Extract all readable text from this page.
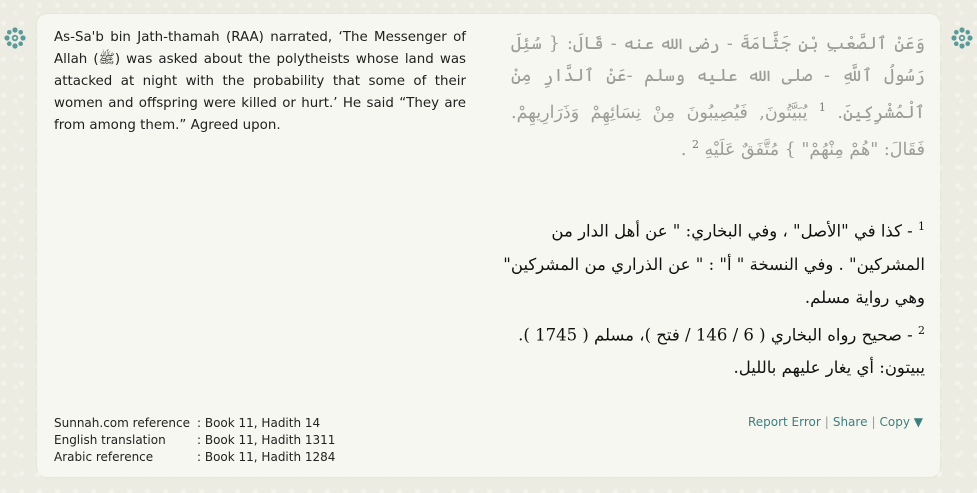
As-Sa'b bin Jath-thamah (RAA) narrated, ‘The Messenger of Allah (ﷺ) was asked about the polytheists whose land was attacked at night with the probability that some of their women and offspring were killed or hurt.’ He said “They are from among them.” Agreed upon.
وَعَنْ ٱلصَّعْبِ بْنِ جَثَّامَةَ - رضى الله عنه - قَالَ: { سُئِلَ رَسُولُ ٱللَّهِ - صلى الله عليه وسلم -عَنْ ٱلدَّارِ مِنْ ٱلْمُشْرِكِينَ. $^1$ يُبَيَّتُونَ, فَيُصِيبُونَ مِنْ نِسَائِهِمْ وَذَرَارِيهِمْ. فَقَالَ: "هُمْ مِنْهُمْ" } مُتَّفَقٌ عَلَيْهِ $^2$ .
$^1$ - كذا في "الأصل" ، وفي البخاري: " عن أهل الدار من المشركين" . وفي النسخة " أ" : " عن الذراري من المشركين" وهي رواية مسلم.
$^2$ - صحيح رواه البخاري ( 6 / 146 / فتح )، مسلم ( 1745 ). يبيتون: أي يغار عليهم بالليل.
Sunnah.com reference : Book 11, Hadith 14
English translation	: Book 11, Hadith 1311
Arabic reference	: Book 11, Hadith 1284
Report Error | Share | Copy ▼
